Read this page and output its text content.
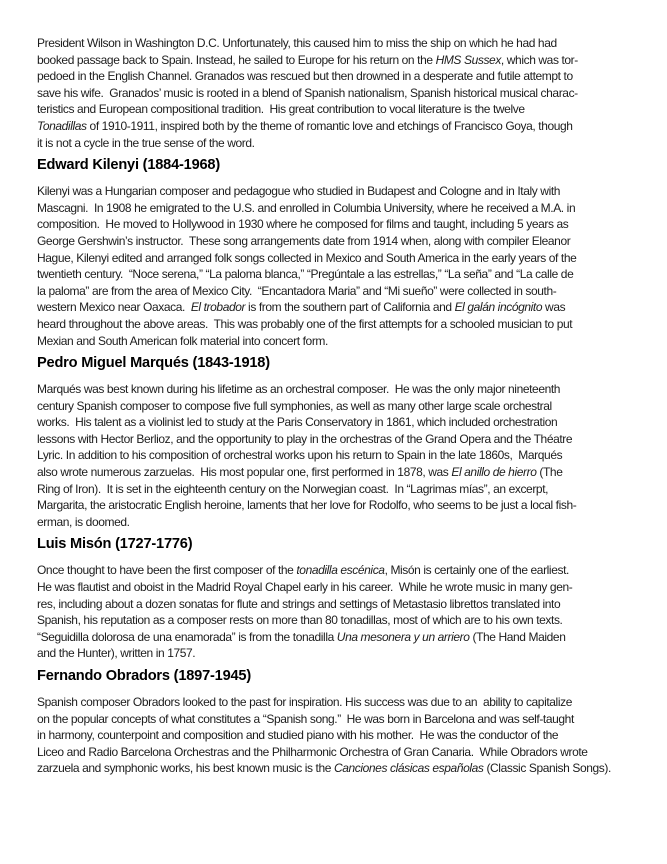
President Wilson in Washington D.C. Unfortunately, this caused him to miss the ship on which he had had
booked passage back to Spain. Instead, he sailed to Europe for his return on the HMS Sussex, which was tor-
pedoed in the English Channel. Granados was rescued but then drowned in a desperate and futile attempt to
save his wife.  Granados’ music is rooted in a blend of Spanish nationalism, Spanish historical musical charac-
teristics and European compositional tradition.  His great contribution to vocal literature is the twelve
Tonadillas of 1910-1911, inspired both by the theme of romantic love and etchings of Francisco Goya, though
it is not a cycle in the true sense of the word.
Edward Kilenyi (1884-1968)
Kilenyi was a Hungarian composer and pedagogue who studied in Budapest and Cologne and in Italy with
Mascagni.  In 1908 he emigrated to the U.S. and enrolled in Columbia University, where he received a M.A. in
composition.  He moved to Hollywood in 1930 where he composed for films and taught, including 5 years as
George Gershwin’s instructor.  These song arrangements date from 1914 when, along with compiler Eleanor
Hague, Kilenyi edited and arranged folk songs collected in Mexico and South America in the early years of the
twentieth century.  “Noce serena,” “La paloma blanca,” “Pregúntale a las estrellas,” “La seña” and “La calle de
la paloma” are from the area of Mexico City.  “Encantadora Maria” and “Mi sueño” were collected in south-
western Mexico near Oaxaca.  El trobador is from the southern part of California and El galán incógnito was
heard throughout the above areas.  This was probably one of the first attempts for a schooled musician to put
Mexian and South American folk material into concert form.
Pedro Miguel Marqués (1843-1918)
Marqués was best known during his lifetime as an orchestral composer.  He was the only major nineteenth
century Spanish composer to compose five full symphonies, as well as many other large scale orchestral
works.  His talent as a violinist led to study at the Paris Conservatory in 1861, which included orchestration
lessons with Hector Berlioz, and the opportunity to play in the orchestras of the Grand Opera and the Théatre
Lyric. In addition to his composition of orchestral works upon his return to Spain in the late 1860s,  Marqués
also wrote numerous zarzuelas.  His most popular one, first performed in 1878, was El anillo de hierro (The
Ring of Iron).  It is set in the eighteenth century on the Norwegian coast.  In “Lagrimas mías”, an excerpt,
Margarita, the aristocratic English heroine, laments that her love for Rodolfo, who seems to be just a local fish-
erman, is doomed.
Luis Misón (1727-1776)
Once thought to have been the first composer of the tonadilla escénica, Misón is certainly one of the earliest.
He was flautist and oboist in the Madrid Royal Chapel early in his career.  While he wrote music in many gen-
res, including about a dozen sonatas for flute and strings and settings of Metastasio librettos translated into
Spanish, his reputation as a composer rests on more than 80 tonadillas, most of which are to his own texts.
“Seguidilla dolorosa de una enamorada” is from the tonadilla Una mesonera y un arriero (The Hand Maiden
and the Hunter), written in 1757.
Fernando Obradors (1897-1945)
Spanish composer Obradors looked to the past for inspiration. His success was due to an  ability to capitalize
on the popular concepts of what constitutes a “Spanish song.”  He was born in Barcelona and was self-taught
in harmony, counterpoint and composition and studied piano with his mother.  He was the conductor of the
Liceo and Radio Barcelona Orchestras and the Philharmonic Orchestra of Gran Canaria.  While Obradors wrote
zarzuela and symphonic works, his best known music is the Canciones clásicas españolas (Classic Spanish Songs).
